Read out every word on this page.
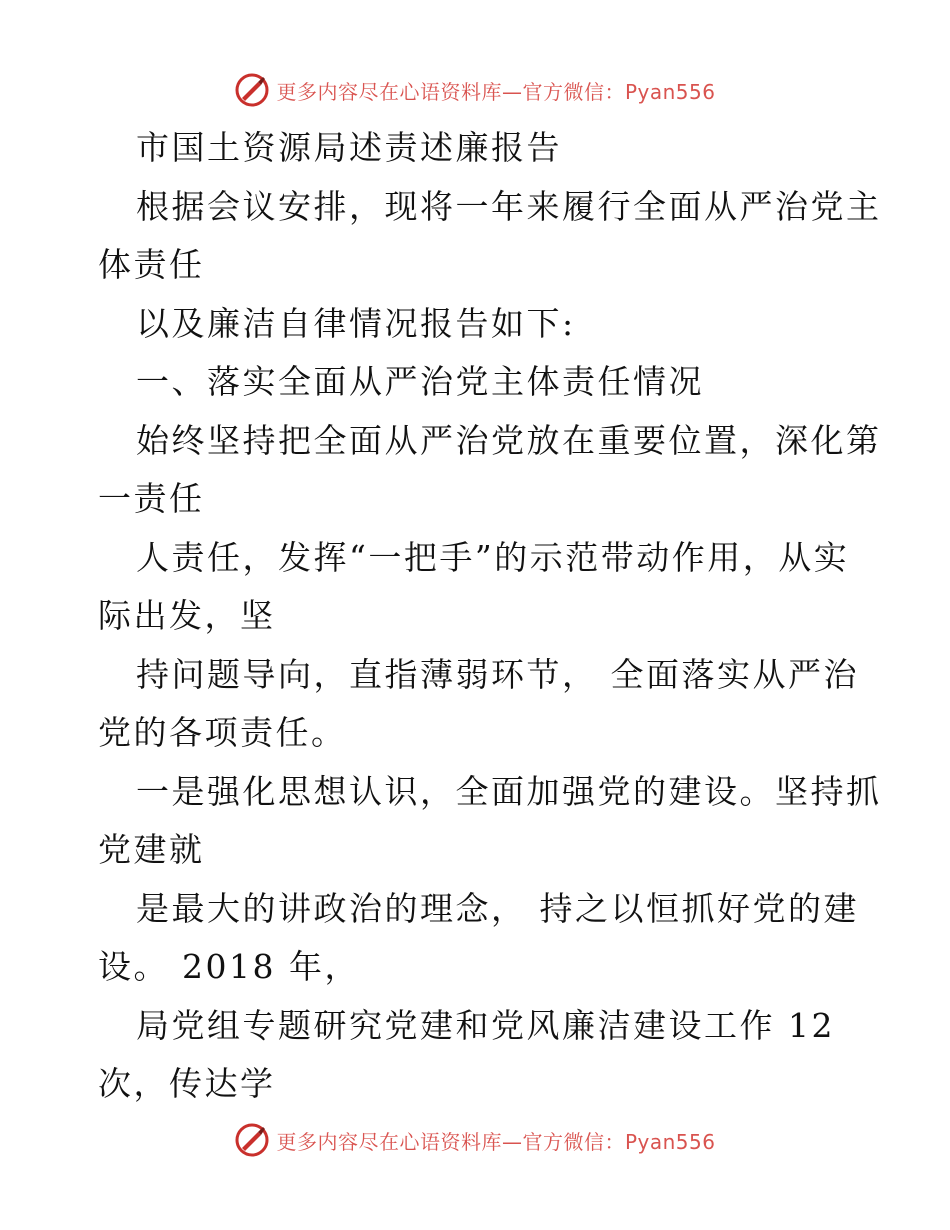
更多内容尽在心语资料库—官方微信：Pyan556

市国土资源局述责述廉报告

根据会议安排，现将一年来履行全面从严治党主

体责任

以及廉洁自律情况报告如下:

一、落实全面从严治党主体责任情况

始终坚持把全面从严治党放在重要位置，深化第

一责任

人责任，发挥“一把手”的示范带动作用，从实

际出发，坚

持问题导向，直指薄弱环节， 全面落实从严治

党的各项责任。

一是强化思想认识，全面加强党的建设。坚持抓

党建就

是最大的讲政治的理念， 持之以恒抓好党的建

设。 2018 年，

局党组专题研究党建和党风廉洁建设工作 12

次，传达学

更多内容尽在心语资料库—官方微信：Pyan556
